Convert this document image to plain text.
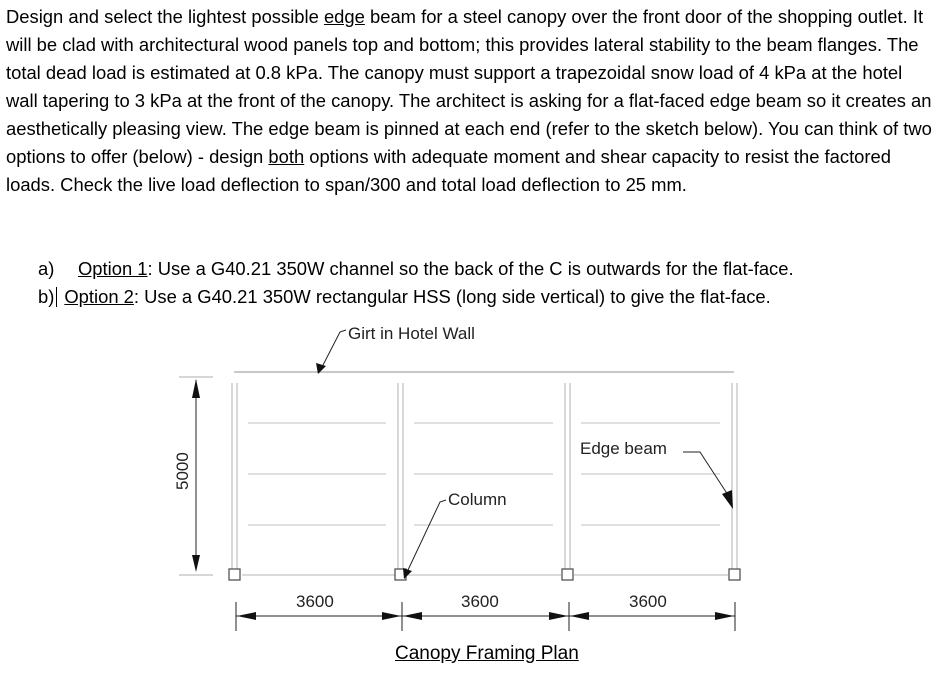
Design and select the lightest possible edge beam for a steel canopy over the front door of the shopping outlet. It will be clad with architectural wood panels top and bottom; this provides lateral stability to the beam flanges. The total dead load is estimated at 0.8 kPa. The canopy must support a trapezoidal snow load of 4 kPa at the hotel wall tapering to 3 kPa at the front of the canopy. The architect is asking for a flat-faced edge beam so it creates an aesthetically pleasing view. The edge beam is pinned at each end (refer to the sketch below). You can think of two options to offer (below) - design both options with adequate moment and shear capacity to resist the factored loads. Check the live load deflection to span/300 and total load deflection to 25 mm.

a) Option 1: Use a G40.21 350W channel so the back of the C is outwards for the flat-face.
b) Option 2: Use a G40.21 350W rectangular HSS (long side vertical) to give the flat-face.
Girt in Hotel Wall
Edge beam
Column
5000
3600	3600	3600
Canopy Framing Plan
